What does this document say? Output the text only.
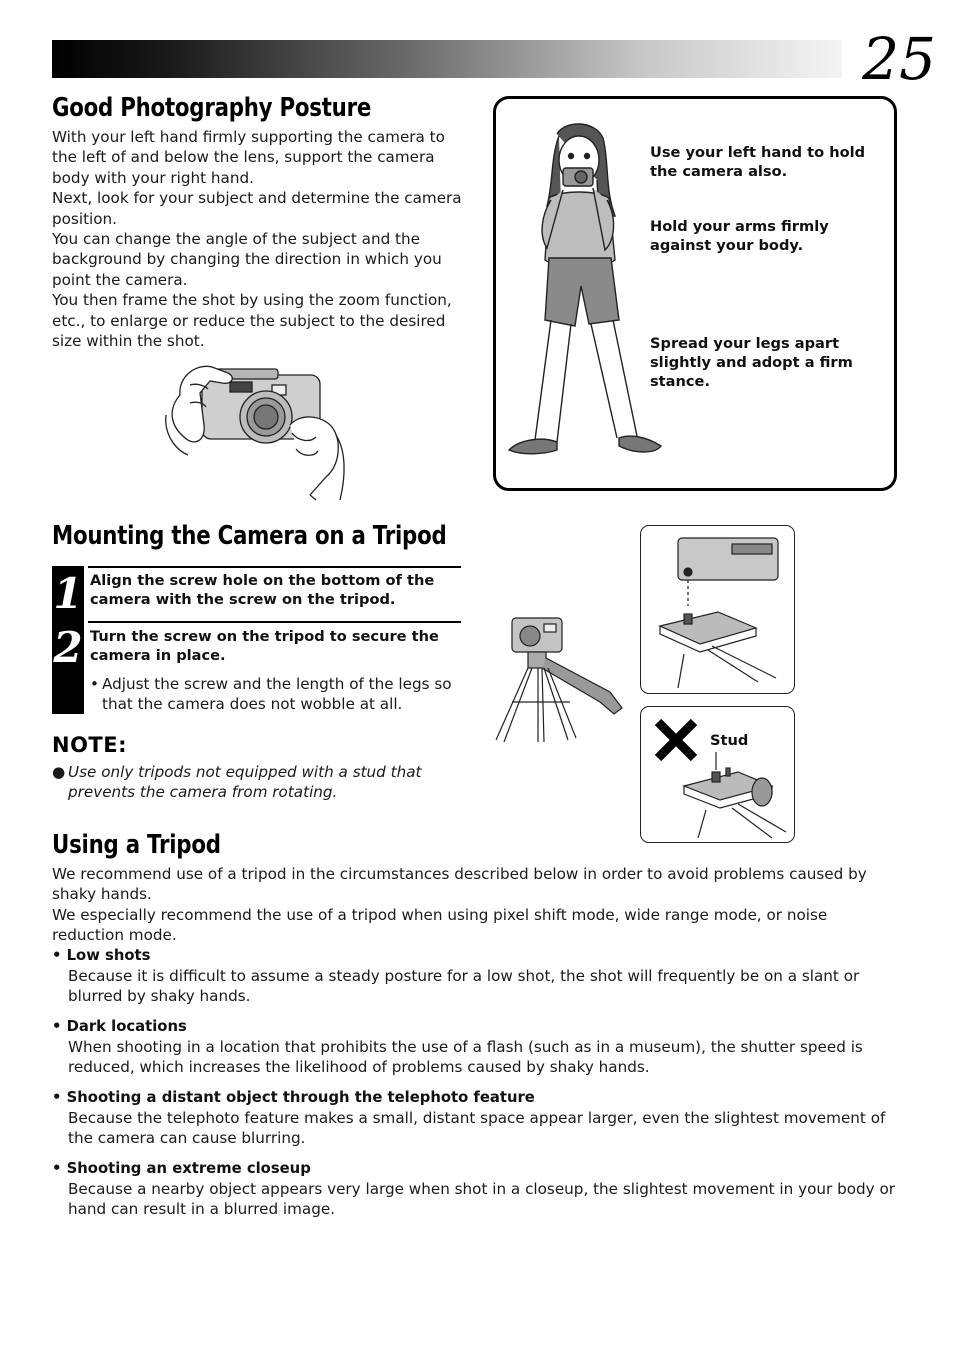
25
Good Photography Posture

With your left hand firmly supporting the camera to the left of and below the lens, support the camera body with your right hand.

Next, look for your subject and determine the camera position.

You can change the angle of the subject and the background by changing the direction in which you point the camera.

You then frame the shot by using the zoom function, etc., to enlarge or reduce the subject to the desired size within the shot.

Use your left hand to hold the camera also.
Hold your arms firmly against your body.
Spread your legs apart slightly and adopt a firm stance.
Mounting the Camera on a Tripod
1 Align the screw hole on the bottom of the camera with the screw on the tripod.
2 Turn the screw on the tripod to secure the camera in place.
• Adjust the screw and the length of the legs so that the camera does not wobble at all.
NOTE:
● Use only tripods not equipped with a stud that prevents the camera from rotating.
Stud
Using a Tripod

We recommend use of a tripod in the circumstances described below in order to avoid problems caused by shaky hands.

We especially recommend the use of a tripod when using pixel shift mode, wide range mode, or noise reduction mode.

• Low shots
Because it is difficult to assume a steady posture for a low shot, the shot will frequently be on a slant or blurred by shaky hands.
• Dark locations
When shooting in a location that prohibits the use of a flash (such as in a museum), the shutter speed is reduced, which increases the likelihood of problems caused by shaky hands.
• Shooting a distant object through the telephoto feature
Because the telephoto feature makes a small, distant space appear larger, even the slightest movement of the camera can cause blurring.
• Shooting an extreme closeup
Because a nearby object appears very large when shot in a closeup, the slightest movement in your body or hand can result in a blurred image.
